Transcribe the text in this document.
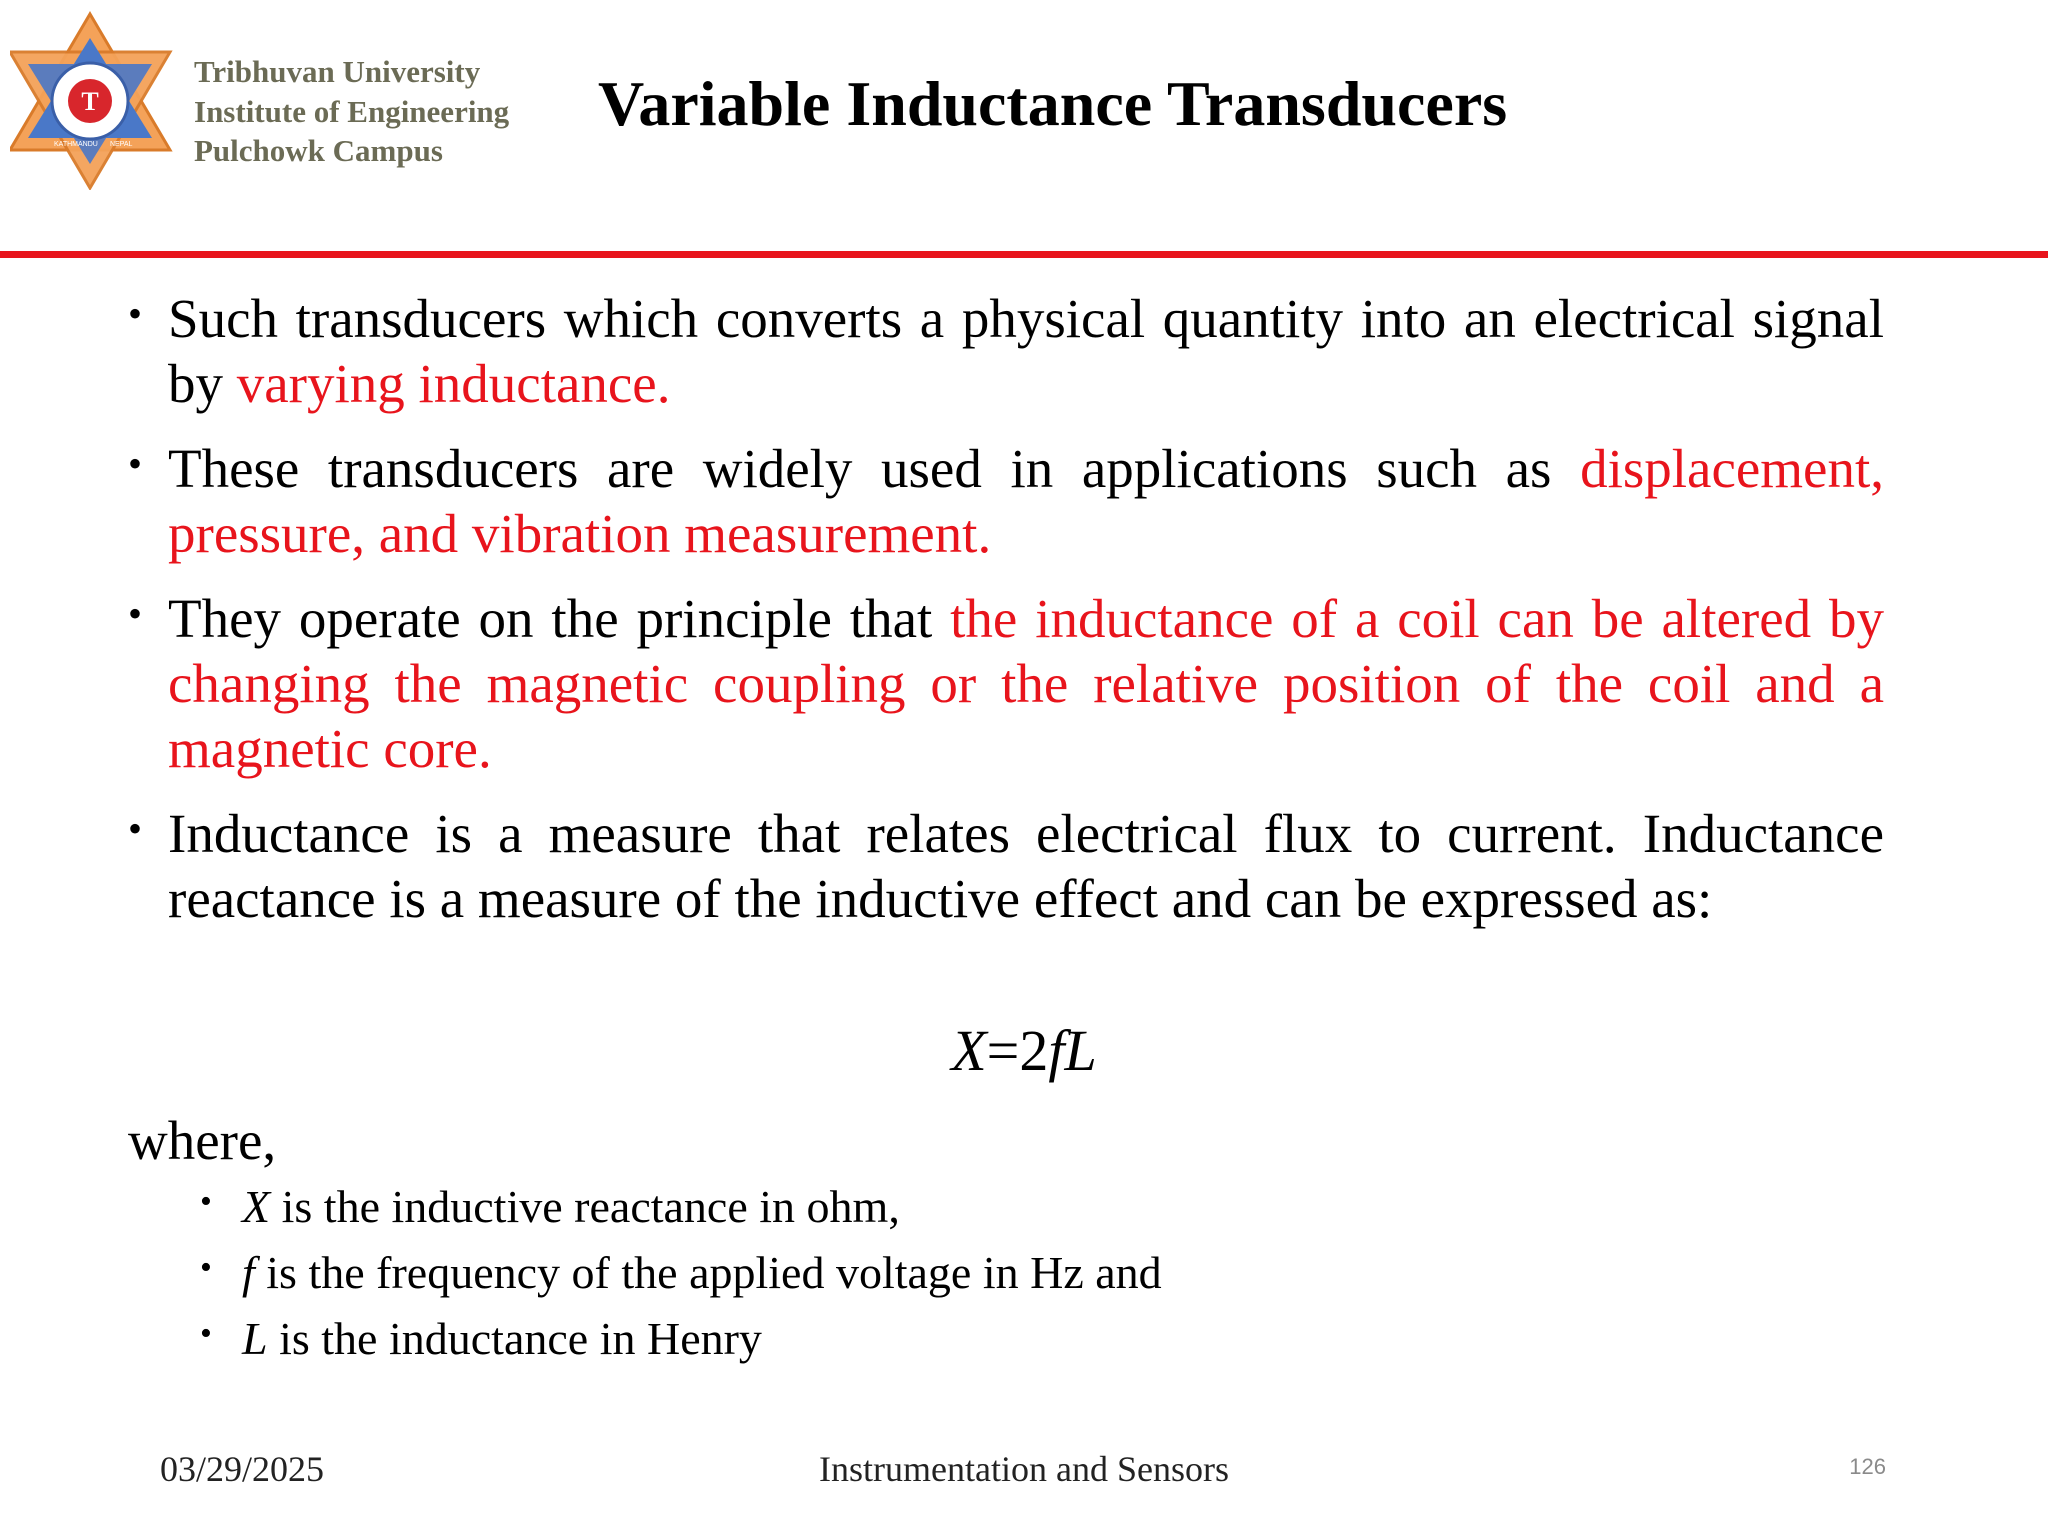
T
KATHMANDU NEPAL
Tribhuvan University
Institute of Engineering
Pulchowk Campus
Variable Inductance Transducers
• Such transducers which converts a physical quantity into an electrical signal by varying inductance.
• These transducers are widely used in applications such as displacement, pressure, and vibration measurement.
• They operate on the principle that the inductance of a coil can be altered by changing the magnetic coupling or the relative position of the coil and a magnetic core.
• Inductance is a measure that relates electrical flux to current. Inductance reactance is a measure of the inductive effect and can be expressed as:
X=2fL
where,
• X is the inductive reactance in ohm,
• f is the frequency of the applied voltage in Hz and
• L is the inductance in Henry
03/29/2025	Instrumentation and Sensors	126
